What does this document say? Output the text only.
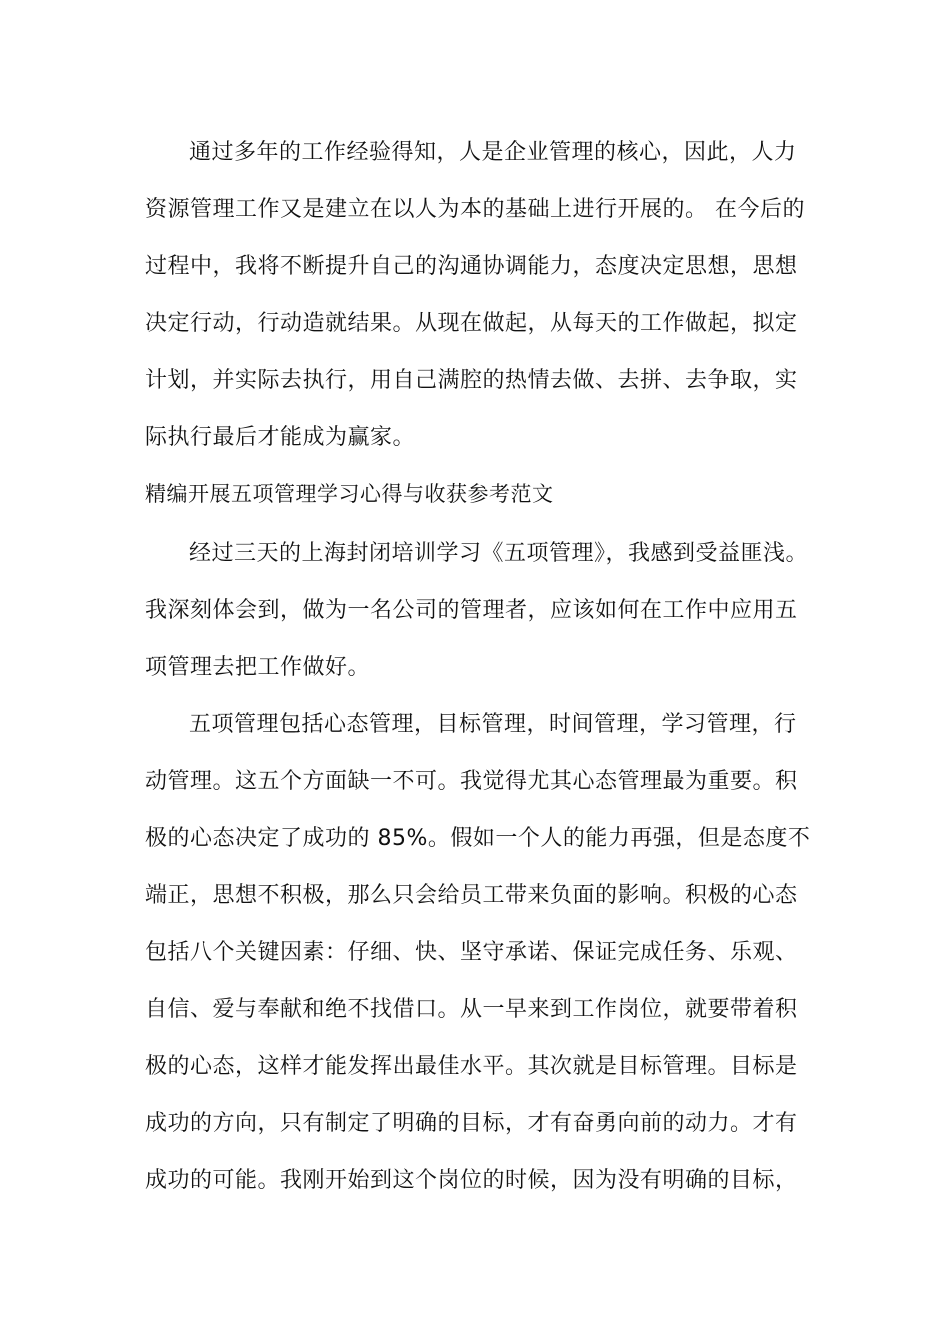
通过多年的工作经验得知，人是企业管理的核心，因此，人力
资源管理工作又是建立在以人为本的基础上进行开展的。 在今后的
过程中，我将不断提升自己的沟通协调能力，态度决定思想，思想
决定行动，行动造就结果。从现在做起，从每天的工作做起，拟定
计划，并实际去执行，用自己满腔的热情去做、去拼、去争取，实
际执行最后才能成为赢家。
精编开展五项管理学习心得与收获参考范文
经过三天的上海封闭培训学习《五项管理》，我感到受益匪浅。
我深刻体会到，做为一名公司的管理者，应该如何在工作中应用五
项管理去把工作做好。
五项管理包括心态管理，目标管理，时间管理，学习管理，行
动管理。这五个方面缺一不可。我觉得尤其心态管理最为重要。积
极的心态决定了成功的 85%。假如一个人的能力再强，但是态度不
端正，思想不积极，那么只会给员工带来负面的影响。积极的心态
包括八个关键因素：仔细、快、坚守承诺、保证完成任务、乐观、
自信、爱与奉献和绝不找借口。从一早来到工作岗位，就要带着积
极的心态，这样才能发挥出最佳水平。其次就是目标管理。目标是
成功的方向，只有制定了明确的目标，才有奋勇向前的动力。才有
成功的可能。我刚开始到这个岗位的时候，因为没有明确的目标，
